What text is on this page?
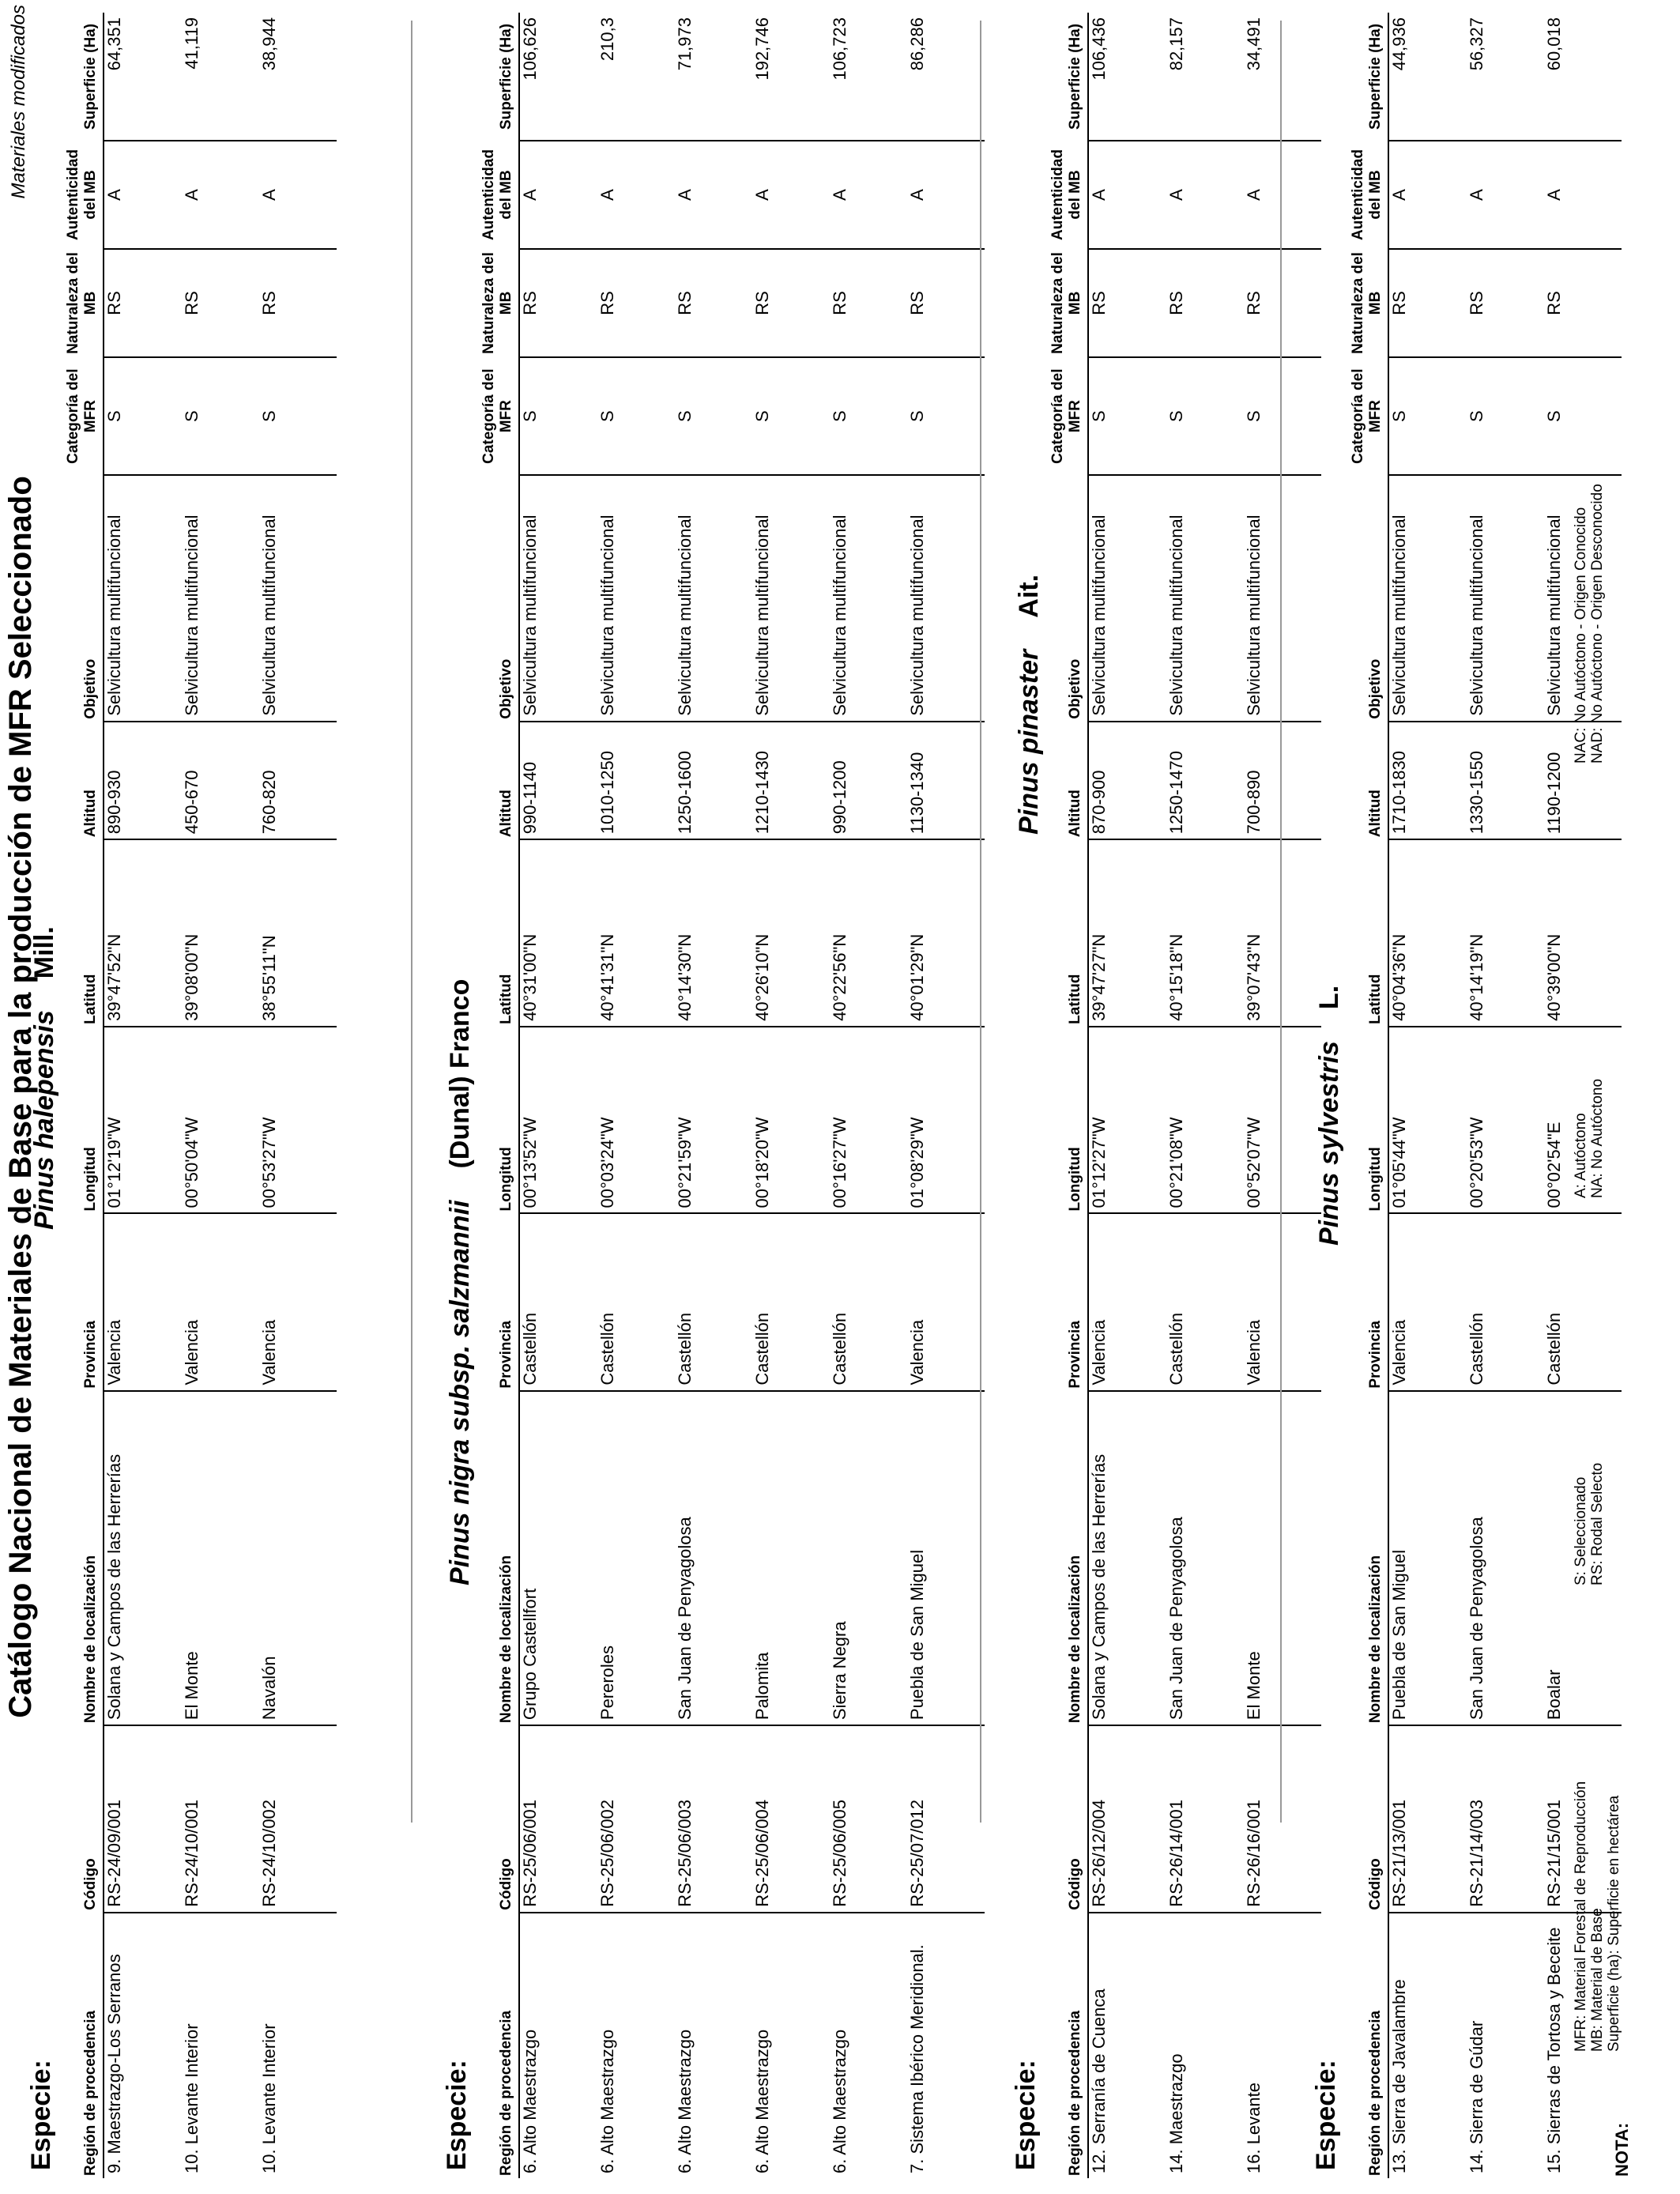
Catálogo Nacional de Materiales de Base para la producción de MFR Seleccionado
Materiales modificados
Especie:
Pinus halepensisMill.
Región de procedencia	Código	Nombre de localización	Provincia	Longitud	Latitud	Altitud	Objetivo	Categoría del MFR	Naturaleza del MB	Autenticidad del MB	Superficie (Ha)
9. Maestrazgo-Los Serranos	RS-24/09/001	Solana y Campos de las Herrerías	Valencia	01°12'19"W	39°47'52"N	890-930	Selvicultura multifuncional	S	RS	A	64,351
10. Levante Interior	RS-24/10/001	El Monte	Valencia	00°50'04"W	39°08'00"N	450-670	Selvicultura multifuncional	S	RS	A	41,119
10. Levante Interior	RS-24/10/002	Navalón	Valencia	00°53'27"W	38°55'11"N	760-820	Selvicultura multifuncional	S	RS	A	38,944
Especie:
Pinus nigra subsp. salzmannii(Dunal) Franco
Región de procedencia	Código	Nombre de localización	Provincia	Longitud	Latitud	Altitud	Objetivo	Categoría del MFR	Naturaleza del MB	Autenticidad del MB	Superficie (Ha)
6. Alto Maestrazgo	RS-25/06/001	Grupo Castellfort	Castellón	00°13'52"W	40°31'00"N	990-1140	Selvicultura multifuncional	S	RS	A	106,626
6. Alto Maestrazgo	RS-25/06/002	Pereroles	Castellón	00°03'24"W	40°41'31"N	1010-1250	Selvicultura multifuncional	S	RS	A	210,3
6. Alto Maestrazgo	RS-25/06/003	San Juan de Penyagolosa	Castellón	00°21'59"W	40°14'30"N	1250-1600	Selvicultura multifuncional	S	RS	A	71,973
6. Alto Maestrazgo	RS-25/06/004	Palomita	Castellón	00°18'20"W	40°26'10"N	1210-1430	Selvicultura multifuncional	S	RS	A	192,746
6. Alto Maestrazgo	RS-25/06/005	Sierra Negra	Castellón	00°16'27"W	40°22'56"N	990-1200	Selvicultura multifuncional	S	RS	A	106,723
7. Sistema Ibérico Meridional.	RS-25/07/012	Puebla de San Miguel	Valencia	01°08'29"W	40°01'29"N	1130-1340	Selvicultura multifuncional	S	RS	A	86,286
Especie:
Pinus pinasterAit.
Región de procedencia	Código	Nombre de localización	Provincia	Longitud	Latitud	Altitud	Objetivo	Categoría del MFR	Naturaleza del MB	Autenticidad del MB	Superficie (Ha)
12. Serranía de Cuenca	RS-26/12/004	Solana y Campos de las Herrerías	Valencia	01°12'27"W	39°47'27"N	870-900	Selvicultura multifuncional	S	RS	A	106,436
14. Maestrazgo	RS-26/14/001	San Juan de Penyagolosa	Castellón	00°21'08"W	40°15'18"N	1250-1470	Selvicultura multifuncional	S	RS	A	82,157
16. Levante	RS-26/16/001	El Monte	Valencia	00°52'07"W	39°07'43"N	700-890	Selvicultura multifuncional	S	RS	A	34,491
Especie:
Pinus sylvestrisL.
Región de procedencia	Código	Nombre de localización	Provincia	Longitud	Latitud	Altitud	Objetivo	Categoría del MFR	Naturaleza del MB	Autenticidad del MB	Superficie (Ha)
13. Sierra de Javalambre	RS-21/13/001	Puebla de San Miguel	Valencia	01°05'44"W	40°04'36"N	1710-1830	Selvicultura multifuncional	S	RS	A	44,936
14. Sierra de Gúdar	RS-21/14/003	San Juan de Penyagolosa	Castellón	00°20'53"W	40°14'19"N	1330-1550	Selvicultura multifuncional	S	RS	A	56,327
15. Sierras de Tortosa y Beceite	RS-21/15/001	Boalar	Castellón	00°02'54"E	40°39'00"N	1190-1200	Selvicultura multifuncional	S	RS	A	60,018
NOTA:
MFR: Material Forestal de Reproducción MB: Material de Base Superficie (ha): Superficie en hectárea
S: Seleccionado RS: Rodal Selecto
A: Autóctono NA: No Autóctono
NAC: No Autóctono - Origen Conocido NAD: No Autóctono - Origen Desconocido
